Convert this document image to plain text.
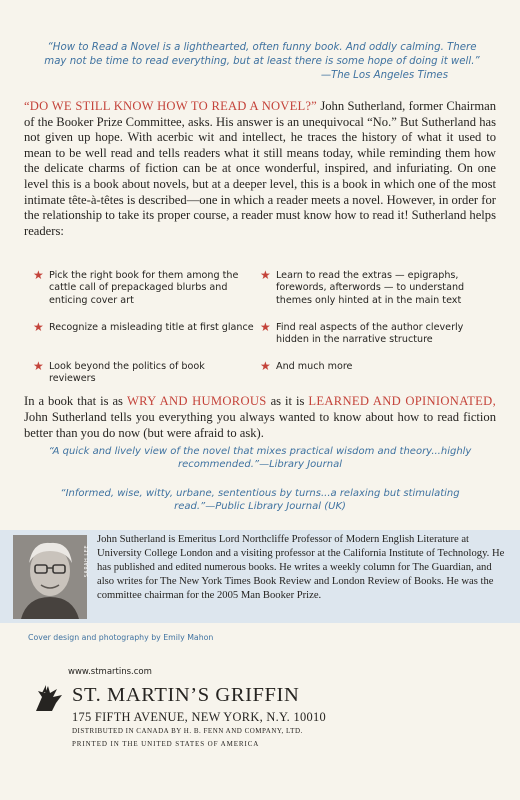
“How to Read a Novel is a lighthearted, often funny book. And oddly calming. There may not be time to read everything, but at least there is some hope of doing it well.”
—The Los Angeles Times
“DO WE STILL KNOW HOW TO READ A NOVEL?” John Sutherland, former Chairman of the Booker Prize Committee, asks. His answer is an unequivocal “No.” But Sutherland has not given up hope. With acerbic wit and intellect, he traces the history of what it used to mean to be well read and tells readers what it still means today, while reminding them how the delicate charms of fiction can be at once wonderful, inspired, and infuriating. On one level this is a book about novels, but at a deeper level, this is a book in which one of the most intimate tête-à-têtes is described—one in which a reader meets a novel. However, in order for the relationship to take its proper course, a reader must know how to read it! Sutherland helps readers:
★ Pick the right book for them among the cattle call of prepackaged blurbs and enticing cover art
★ Recognize a misleading title at first glance
★ Look beyond the politics of book reviewers
★ Learn to read the extras — epigraphs, forewords, afterwords — to understand themes only hinted at in the main text
★ Find real aspects of the author cleverly hidden in the narrative structure
★ And much more
In a book that is as WRY AND HUMOROUS as it is LEARNED AND OPINIONATED, John Sutherland tells you everything you always wanted to know about how to read fiction better than you do now (but were afraid to ask).
“A quick and lively view of the novel that mixes practical wisdom and theory...highly recommended.”—Library Journal
“Informed, wise, witty, urbane, sententious by turns...a relaxing but stimulating read.”—Public Library Journal (UK)
SARAH LEE
John Sutherland is Emeritus Lord Northcliffe Professor of Modern English Literature at University College London and a visiting professor at the California Institute of Technology. He has published and edited numerous books. He writes a weekly column for The Guardian, and also writes for The New York Times Book Review and London Review of Books. He was the committee chairman for the 2005 Man Booker Prize.
Cover design and photography by Emily Mahon
www.stmartins.com
ST. MARTIN’S GRIFFIN
175 FIFTH AVENUE, NEW YORK, N.Y. 10010
DISTRIBUTED IN CANADA BY H. B. FENN AND COMPANY, LTD.
PRINTED IN THE UNITED STATES OF AMERICA
